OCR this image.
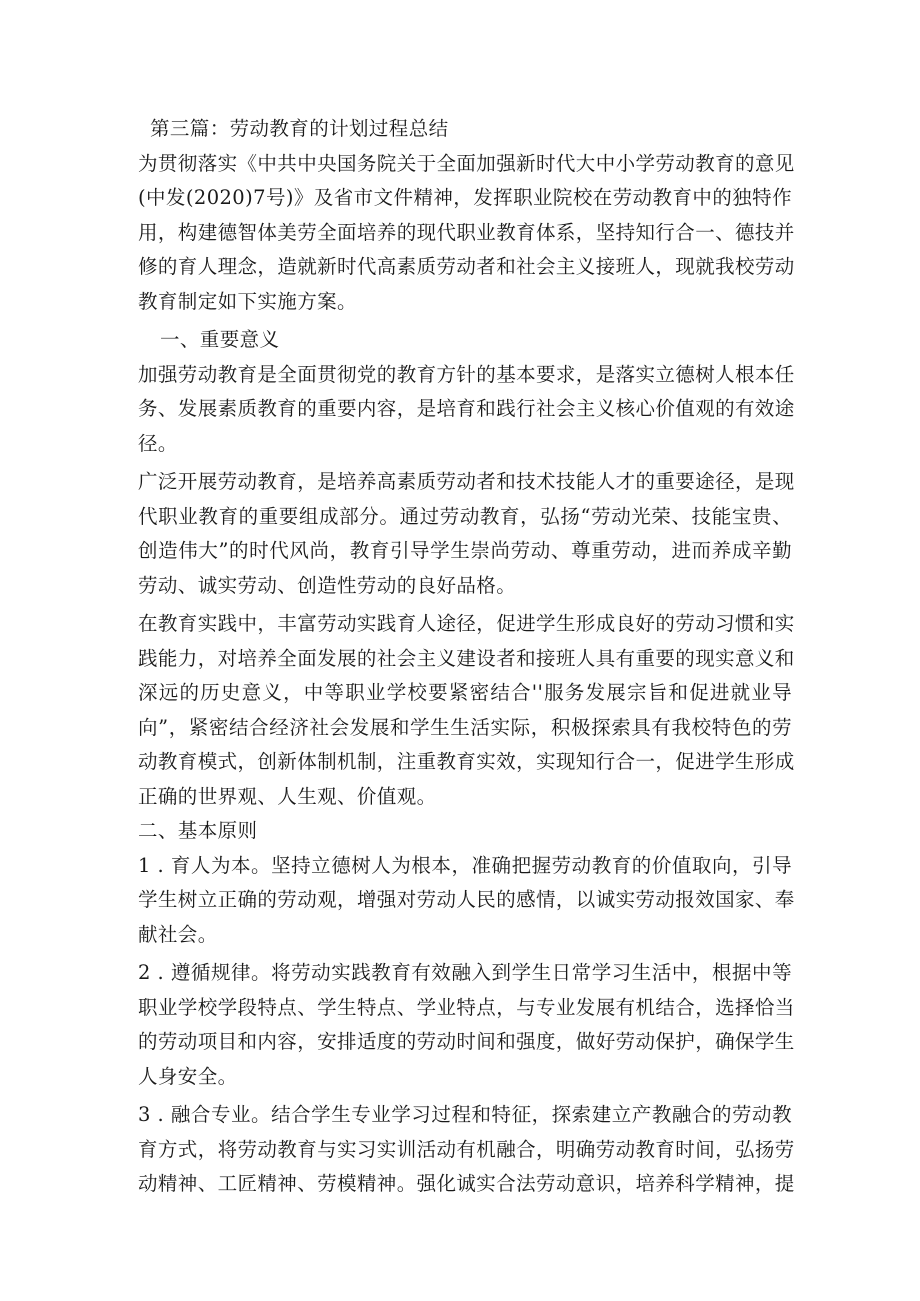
第三篇：劳动教育的计划过程总结
为贯彻落实《中共中央国务院关于全面加强新时代大中小学劳动教育的意见
(中发(2020)7号)》及省市文件精神，发挥职业院校在劳动教育中的独特作
用，构建德智体美劳全面培养的现代职业教育体系，坚持知行合一、德技并
修的育人理念，造就新时代高素质劳动者和社会主义接班人，现就我校劳动
教育制定如下实施方案。
一、重要意义
加强劳动教育是全面贯彻党的教育方针的基本要求，是落实立德树人根本任
务、发展素质教育的重要内容，是培育和践行社会主义核心价值观的有效途
径。
广泛开展劳动教育，是培养高素质劳动者和技术技能人才的重要途径，是现
代职业教育的重要组成部分。通过劳动教育，弘扬“劳动光荣、技能宝贵、
创造伟大”的时代风尚，教育引导学生崇尚劳动、尊重劳动，进而养成辛勤
劳动、诚实劳动、创造性劳动的良好品格。
在教育实践中，丰富劳动实践育人途径，促进学生形成良好的劳动习惯和实
践能力，对培养全面发展的社会主义建设者和接班人具有重要的现实意义和
深远的历史意义，中等职业学校要紧密结合''服务发展宗旨和促进就业导
向”，紧密结合经济社会发展和学生生活实际，积极探索具有我校特色的劳
动教育模式，创新体制机制，注重教育实效，实现知行合一，促进学生形成
正确的世界观、人生观、价值观。
二、基本原则
1 . 育人为本。坚持立德树人为根本，准确把握劳动教育的价值取向，引导
学生树立正确的劳动观，增强对劳动人民的感情，以诚实劳动报效国家、奉
献社会。
2 . 遵循规律。将劳动实践教育有效融入到学生日常学习生活中，根据中等
职业学校学段特点、学生特点、学业特点，与专业发展有机结合，选择恰当
的劳动项目和内容，安排适度的劳动时间和强度，做好劳动保护，确保学生
人身安全。
3 . 融合专业。结合学生专业学习过程和特征，探索建立产教融合的劳动教
育方式，将劳动教育与实习实训活动有机融合，明确劳动教育时间，弘扬劳
动精神、工匠精神、劳模精神。强化诚实合法劳动意识，培养科学精神，提
